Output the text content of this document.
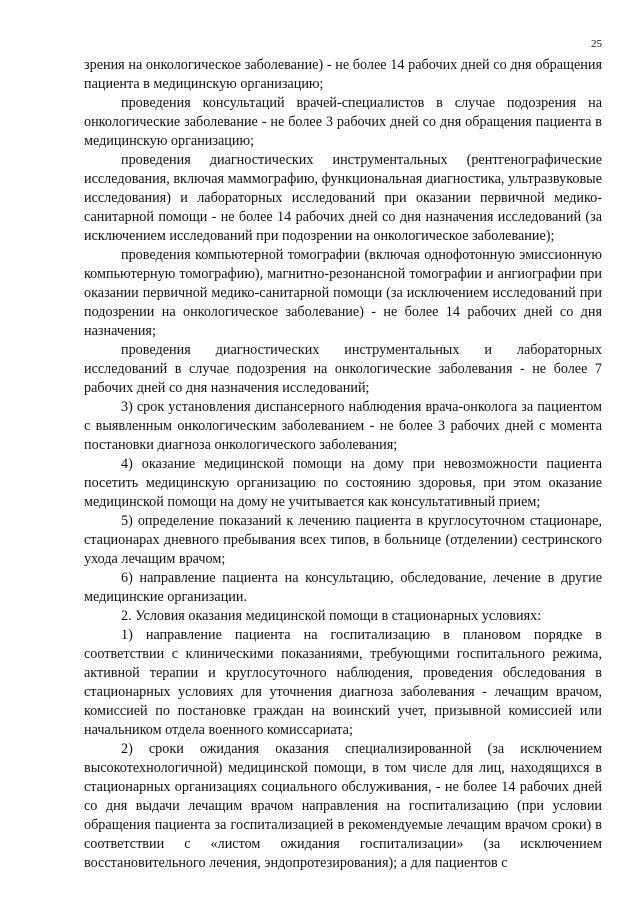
25

зрения на онкологическое заболевание) - не более 14 рабочих дней со дня обращения пациента в медицинскую организацию;

проведения консультаций врачей-специалистов в случае подозрения на онкологические заболевание - не более 3 рабочих дней со дня обращения пациента в медицинскую организацию;

проведения диагностических инструментальных (рентгенографические исследования, включая маммографию, функциональная диагностика, ультразвуковые исследования) и лабораторных исследований при оказании первичной медико-санитарной помощи - не более 14 рабочих дней со дня назначения исследований (за исключением исследований при подозрении на онкологическое заболевание);

проведения компьютерной томографии (включая однофотонную эмиссионную компьютерную томографию), магнитно-резонансной томографии и ангиографии при оказании первичной медико-санитарной помощи (за исключением исследований при подозрении на онкологическое заболевание) - не более 14 рабочих дней со дня назначения;

проведения диагностических инструментальных и лабораторных исследований в случае подозрения на онкологические заболевания - не более 7 рабочих дней со дня назначения исследований;

3) срок установления диспансерного наблюдения врача-онколога за пациентом с выявленным онкологическим заболеванием - не более 3 рабочих дней с момента постановки диагноза онкологического заболевания;

4) оказание медицинской помощи на дому при невозможности пациента посетить медицинскую организацию по состоянию здоровья, при этом оказание медицинской помощи на дому не учитывается как консультативный прием;

5) определение показаний к лечению пациента в круглосуточном стационаре, стационарах дневного пребывания всех типов, в больнице (отделении) сестринского ухода лечащим врачом;

6) направление пациента на консультацию, обследование, лечение в другие медицинские организации.

2. Условия оказания медицинской помощи в стационарных условиях:

1) направление пациента на госпитализацию в плановом порядке в соответствии с клиническими показаниями, требующими госпитального режима, активной терапии и круглосуточного наблюдения, проведения обследования в стационарных условиях для уточнения диагноза заболевания - лечащим врачом, комиссией по постановке граждан на воинский учет, призывной комиссией или начальником отдела военного комиссариата;

2) сроки ожидания оказания специализированной (за исключением высокотехнологичной) медицинской помощи, в том числе для лиц, находящихся в стационарных организациях социального обслуживания, - не более 14 рабочих дней со дня выдачи лечащим врачом направления на госпитализацию (при условии обращения пациента за госпитализацией в рекомендуемые лечащим врачом сроки) в соответствии с «листом ожидания госпитализации» (за исключением восстановительного лечения, эндопротезирования); а для пациентов с
